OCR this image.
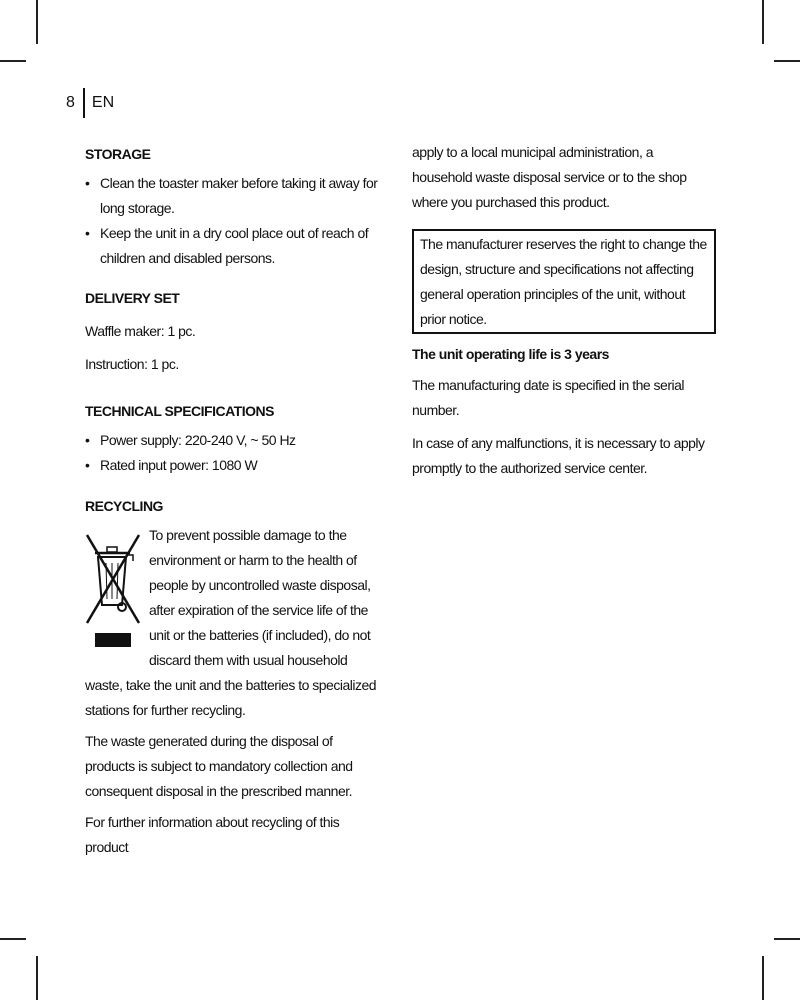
8 EN
STORAGE
• Clean the toaster maker before taking it away for long storage.
• Keep the unit in a dry cool place out of reach of children and disabled persons.
DELIVERY SET

Waffle maker: 1 pc.

Instruction: 1 pc.

TECHNICAL SPECIFICATIONS
• Power supply: 220-240 V, ~ 50 Hz
• Rated input power: 1080 W
RECYCLING

To prevent possible damage to the environment or harm to the health of people by uncontrolled waste disposal, after expiration of the service life of the unit or the batteries (if included), do not discard them with usual household waste, take the unit and the batteries to specialized stations for further recycling.

The waste generated during the disposal of products is subject to mandatory collection and consequent disposal in the prescribed manner.

For further information about recycling of this product

apply to a local municipal administration, a household waste disposal service or to the shop where you purchased this product.

The manufacturer reserves the right to change the design, structure and specifications not affecting general operation principles of the unit, without prior notice.

The unit operating life is 3 years

The manufacturing date is specified in the serial number.

In case of any malfunctions, it is necessary to apply promptly to the authorized service center.
